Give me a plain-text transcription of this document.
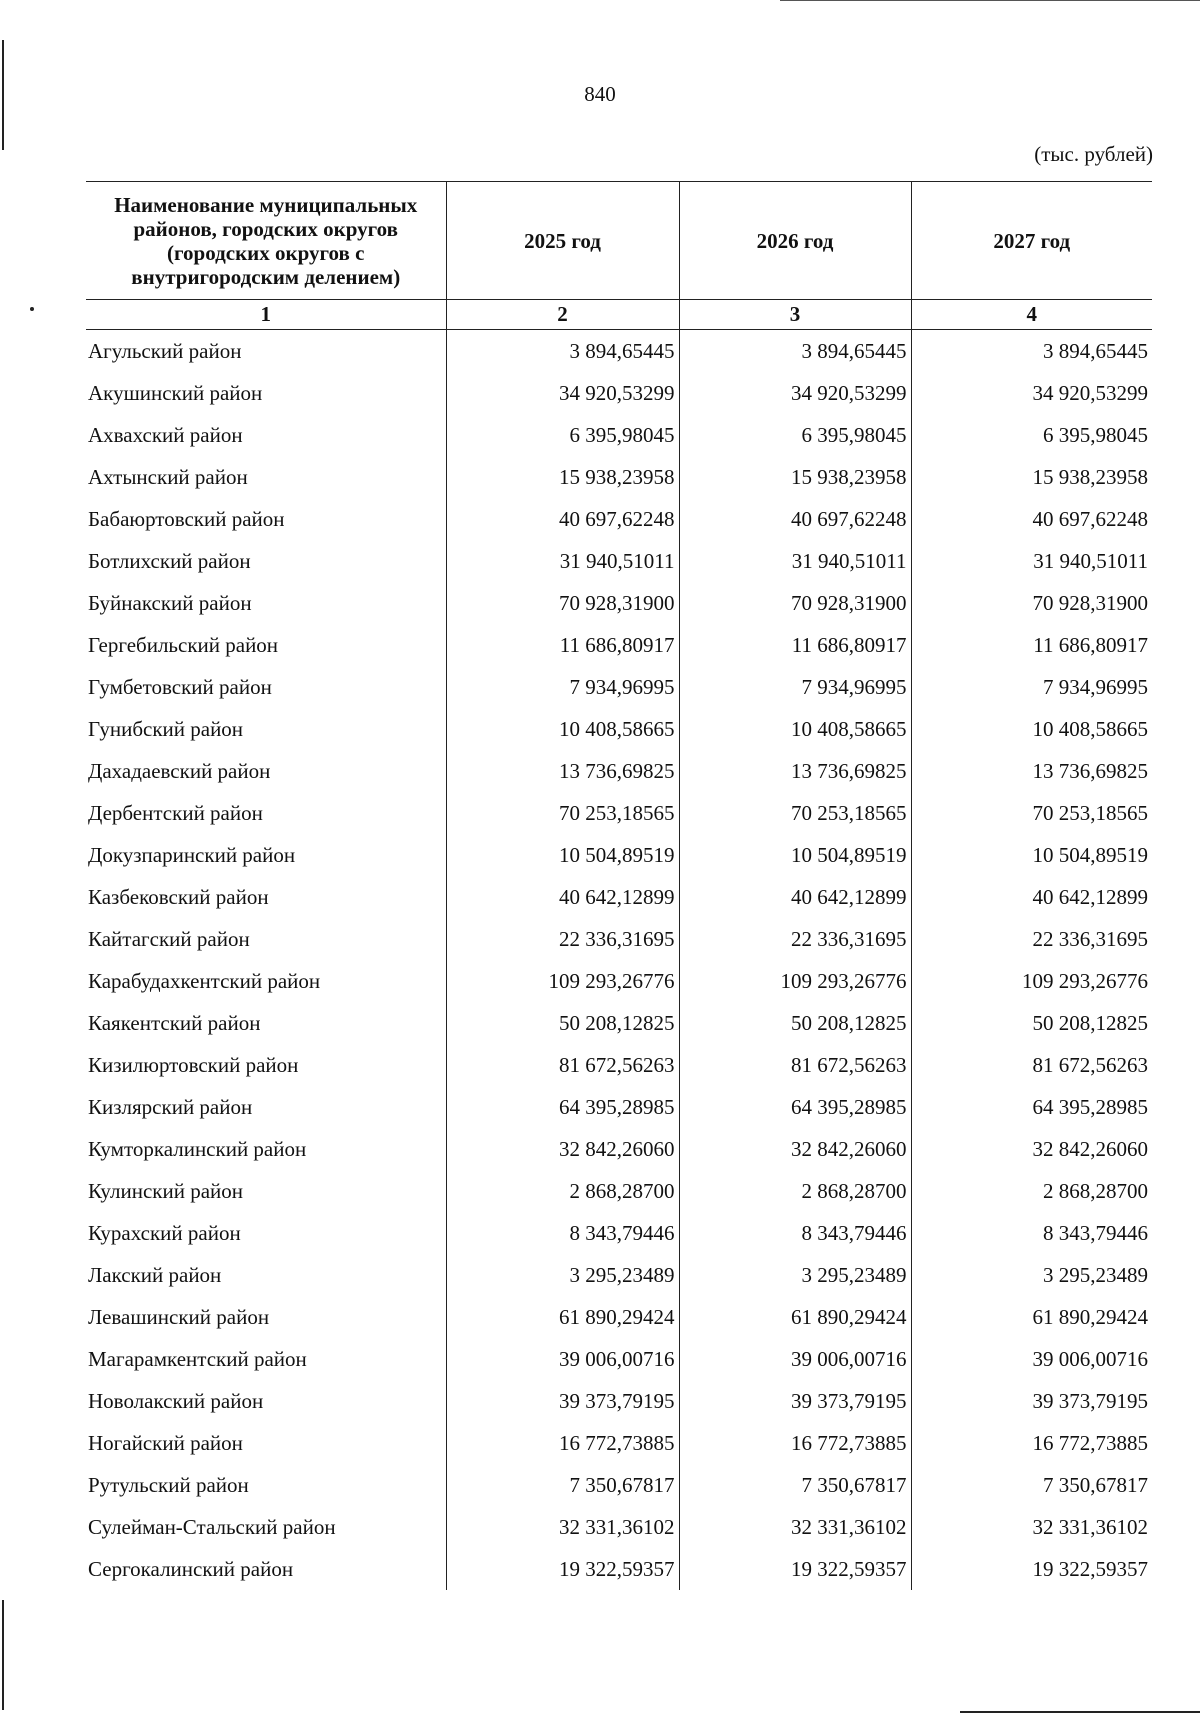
840
(тыс. рублей)
Наименование муниципальных районов, городских округов (городских округов с внутригородским делением)	2025 год	2026 год	2027 год
1	2	3	4
Агульский район	3 894,65445	3 894,65445	3 894,65445
Акушинский район	34 920,53299	34 920,53299	34 920,53299
Ахвахский район	6 395,98045	6 395,98045	6 395,98045
Ахтынский район	15 938,23958	15 938,23958	15 938,23958
Бабаюртовский район	40 697,62248	40 697,62248	40 697,62248
Ботлихский район	31 940,51011	31 940,51011	31 940,51011
Буйнакский район	70 928,31900	70 928,31900	70 928,31900
Гергебильский район	11 686,80917	11 686,80917	11 686,80917
Гумбетовский район	7 934,96995	7 934,96995	7 934,96995
Гунибский район	10 408,58665	10 408,58665	10 408,58665
Дахадаевский район	13 736,69825	13 736,69825	13 736,69825
Дербентский район	70 253,18565	70 253,18565	70 253,18565
Докузпаринский район	10 504,89519	10 504,89519	10 504,89519
Казбековский район	40 642,12899	40 642,12899	40 642,12899
Кайтагский район	22 336,31695	22 336,31695	22 336,31695
Карабудахкентский район	109 293,26776	109 293,26776	109 293,26776
Каякентский район	50 208,12825	50 208,12825	50 208,12825
Кизилюртовский район	81 672,56263	81 672,56263	81 672,56263
Кизлярский район	64 395,28985	64 395,28985	64 395,28985
Кумторкалинский район	32 842,26060	32 842,26060	32 842,26060
Кулинский район	2 868,28700	2 868,28700	2 868,28700
Курахский район	8 343,79446	8 343,79446	8 343,79446
Лакский район	3 295,23489	3 295,23489	3 295,23489
Левашинский район	61 890,29424	61 890,29424	61 890,29424
Магарамкентский район	39 006,00716	39 006,00716	39 006,00716
Новолакский район	39 373,79195	39 373,79195	39 373,79195
Ногайский район	16 772,73885	16 772,73885	16 772,73885
Рутульский район	7 350,67817	7 350,67817	7 350,67817
Сулейман-Стальский район	32 331,36102	32 331,36102	32 331,36102
Сергокалинский район	19 322,59357	19 322,59357	19 322,59357
